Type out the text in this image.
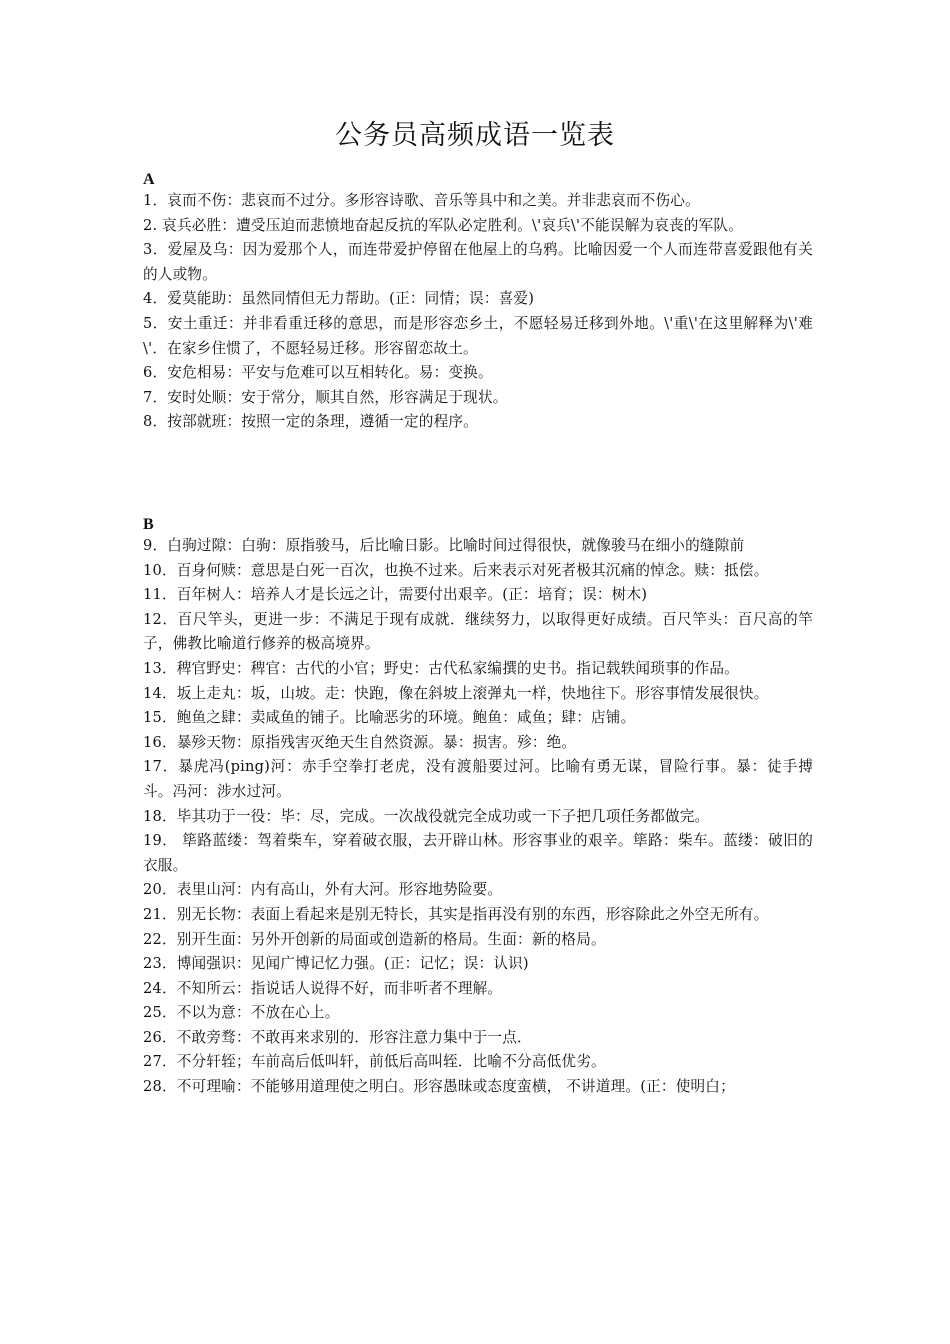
公务员高频成语一览表
A
1．哀而不伤：悲哀而不过分。多形容诗歌、音乐等具中和之美。并非悲哀而不伤心。
2. 哀兵必胜：遭受压迫而悲愤地奋起反抗的军队必定胜利。\'哀兵\'不能误解为哀丧的军队。
3．爱屋及乌：因为爱那个人，而连带爱护停留在他屋上的乌鸦。比喻因爱一个人而连带喜爱跟他有关的人或物。
4．爱莫能助：虽然同情但无力帮助。(正：同情；误：喜爱)
5．安土重迁：并非看重迁移的意思，而是形容恋乡土，不愿轻易迁移到外地。\'重\'在这里解释为\'难\'．在家乡住惯了，不愿轻易迁移。形容留恋故土。
6．安危相易：平安与危难可以互相转化。易：变换。
7．安时处顺：安于常分，顺其自然，形容满足于现状。
8．按部就班：按照一定的条理，遵循一定的程序。
B
9．白驹过隙：白驹：原指骏马，后比喻日影。比喻时间过得很快，就像骏马在细小的缝隙前
10．百身何赎：意思是白死一百次，也换不过来。后来表示对死者极其沉痛的悼念。赎：抵偿。
11．百年树人：培养人才是长远之计，需要付出艰辛。(正：培育；误：树木)
12．百尺竿头，更进一步：不满足于现有成就．继续努力，以取得更好成绩。百尺竿头：百尺高的竿子，佛教比喻道行修养的极高境界。
13．稗官野史：稗官：古代的小官；野史：古代私家编撰的史书。指记载轶闻琐事的作品。
14．坂上走丸：坂，山坡。走：快跑，像在斜坡上滚弹丸一样，快地往下。形容事情发展很快。
15．鲍鱼之肆：卖咸鱼的铺子。比喻恶劣的环境。鲍鱼：咸鱼；肆：店铺。
16．暴殄天物：原指残害灭绝天生自然资源。暴：损害。殄：绝。
17．暴虎冯(ping)河：赤手空拳打老虎，没有渡船要过河。比喻有勇无谋，冒险行事。暴：徒手搏斗。冯河：涉水过河。
18．毕其功于一役：毕：尽，完成。一次战役就完全成功或一下子把几项任务都做完。
19． 筚路蓝缕：驾着柴车，穿着破衣服，去开辟山林。形容事业的艰辛。筚路：柴车。蓝缕：破旧的衣服。
20．表里山河：内有高山，外有大河。形容地势险要。
21．别无长物：表面上看起来是别无特长，其实是指再没有别的东西，形容除此之外空无所有。
22．别开生面：另外开创新的局面或创造新的格局。生面：新的格局。
23．博闻强识：见闻广博记忆力强。(正：记忆；误：认识)
24．不知所云：指说话人说得不好，而非听者不理解。
25．不以为意：不放在心上。
26．不敢旁骛：不敢再来求别的．形容注意力集中于一点．
27．不分轩轾；车前高后低叫轩，前低后高叫轾．比喻不分高低优劣。
28．不可理喻：不能够用道理使之明白。形容愚昧或态度蛮横， 不讲道理。(正：使明白；
